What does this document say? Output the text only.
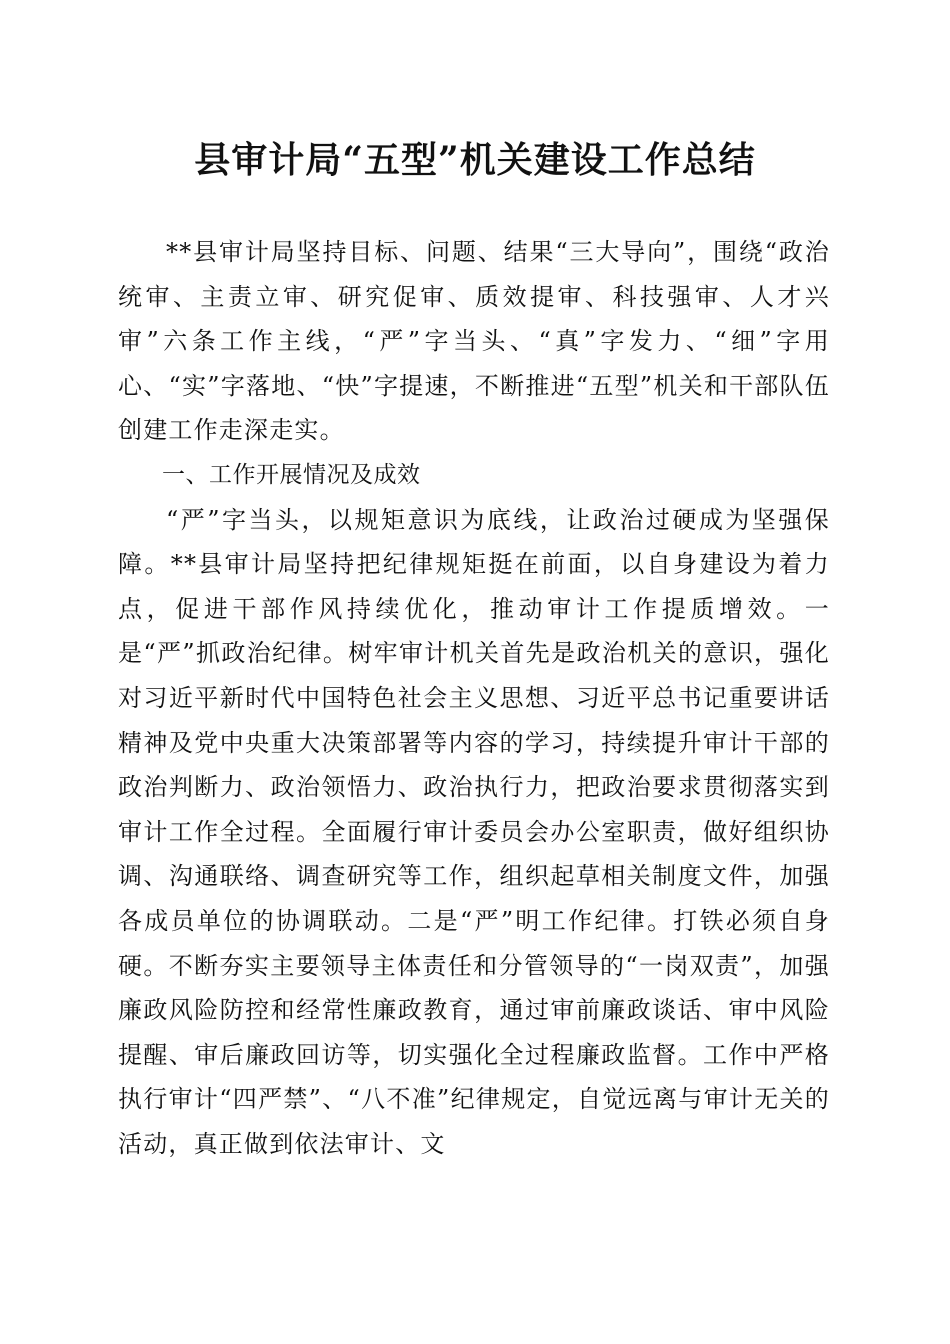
县审计局“五型”机关建设工作总结

**县审计局坚持目标、问题、结果“三大导向”，围绕“政治统审、主责立审、研究促审、质效提审、科技强审、人才兴审”六条工作主线，“严”字当头、“真”字发力、“细”字用心、“实”字落地、“快”字提速，不断推进“五型”机关和干部队伍创建工作走深走实。

一、工作开展情况及成效

“严”字当头，以规矩意识为底线，让政治过硬成为坚强保障。**县审计局坚持把纪律规矩挺在前面，以自身建设为着力点，促进干部作风持续优化，推动审计工作提质增效。一是“严”抓政治纪律。树牢审计机关首先是政治机关的意识，强化对习近平新时代中国特色社会主义思想、习近平总书记重要讲话精神及党中央重大决策部署等内容的学习，持续提升审计干部的政治判断力、政治领悟力、政治执行力，把政治要求贯彻落实到审计工作全过程。全面履行审计委员会办公室职责，做好组织协调、沟通联络、调查研究等工作，组织起草相关制度文件，加强各成员单位的协调联动。二是“严”明工作纪律。打铁必须自身硬。不断夯实主要领导主体责任和分管领导的“一岗双责”，加强廉政风险防控和经常性廉政教育，通过审前廉政谈话、审中风险提醒、审后廉政回访等，切实强化全过程廉政监督。工作中严格执行审计“四严禁”、“八不准”纪律规定，自觉远离与审计无关的活动，真正做到依法审计、文
